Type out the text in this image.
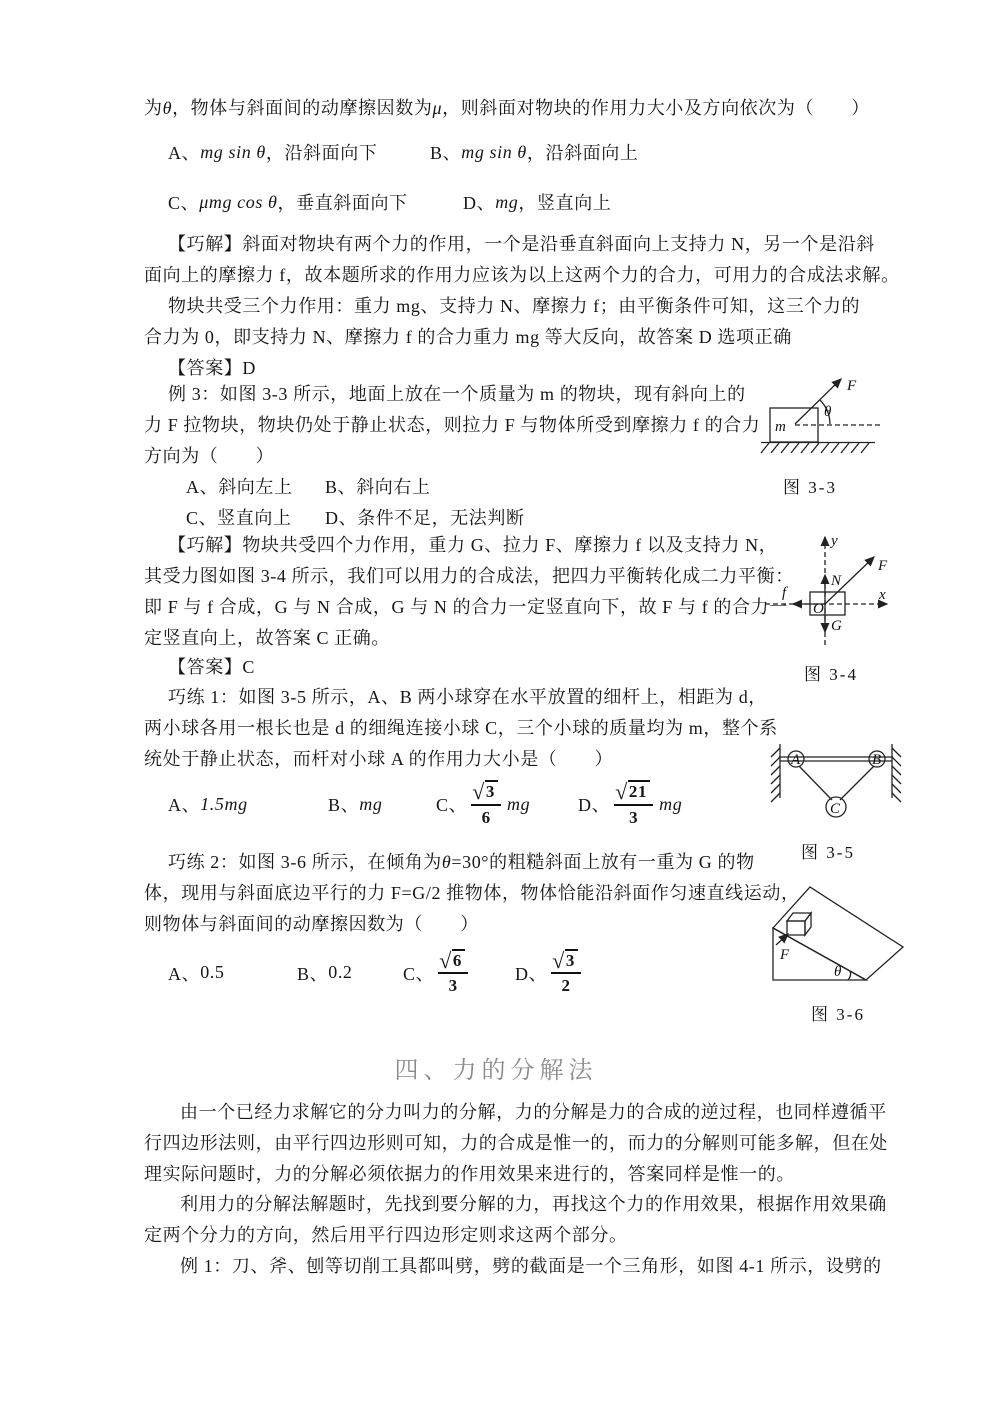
为θ，物体与斜面间的动摩擦因数为μ，则斜面对物块的作用力大小及方向依次为（　　）
A、 mg sin θ ，沿斜面向下	B、 mg sin θ ，沿斜面向上
C、 μmg cos θ ，垂直斜面向下	D、 mg ，竖直向上
【巧解】斜面对物块有两个力的作用，一个是沿垂直斜面向上支持力 N，另一个是沿斜
面向上的摩擦力 f，故本题所求的作用力应该为以上这两个力的合力，可用力的合成法求解。
物块共受三个力作用：重力 mg、支持力 N、摩擦力 f；由平衡条件可知，这三个力的
合力为 0，即支持力 N、摩擦力 f 的合力重力 mg 等大反向，故答案 D 选项正确
【答案】D
例 3：如图 3-3 所示，地面上放在一个质量为 m 的物块，现有斜向上的
力 F 拉物块，物块仍处于静止状态，则拉力 F 与物体所受到摩擦力 f 的合力
方向为（　　）
A、斜向左上 B、斜向右上
C、竖直向上 D、条件不足，无法判断
【巧解】物块共受四个力作用，重力 G、拉力 F、摩擦力 f 以及支持力 N，
其受力图如图 3-4 所示，我们可以用力的合成法，把四力平衡转化成二力平衡：
即 F 与 f 合成，G 与 N 合成，G 与 N 的合力一定竖直向下，故 F 与 f 的合力一
定竖直向上，故答案 C 正确。
【答案】C
巧练 1：如图 3-5 所示，A、B 两小球穿在水平放置的细杆上，相距为 d，
两小球各用一根长也是 d 的细绳连接小球 C，三个小球的质量均为 m，整个系
统处于静止状态，而杆对小球 A 的作用力大小是（　　）
A、 1.5mg	B、 mg	C、 $\frac{√ 3}{6}$ mg	D、 $\frac{√ 21}{3}$ mg
巧练 2：如图 3-6 所示，在倾角为θ=30°的粗糙斜面上放有一重为 G 的物
体，现用与斜面底边平行的力 F=G/2 推物体，物体恰能沿斜面作匀速直线运动，
则物体与斜面间的动摩擦因数为（　　）
A、 0.5	B、 0.2	C、 $\frac{√ 6}{3}$	D、 $\frac{√ 3}{2}$
四、力的分解法
由一个已经力求解它的分力叫力的分解，力的分解是力的合成的逆过程，也同样遵循平
行四边形法则，由平行四边形则可知，力的合成是惟一的，而力的分解则可能多解，但在处
理实际问题时，力的分解必须依据力的作用效果来进行的，答案同样是惟一的。
利用力的分解法解题时，先找到要分解的力，再找这个力的作用效果，根据作用效果确
定两个分力的方向，然后用平行四边形定则求这两个部分。
例 1：刀、斧、刨等切削工具都叫劈，劈的截面是一个三角形，如图 4-1 所示，设劈的
m
F
θ
图 3-3
y
x
N
F
f
G
O
图 3-4
A	B
C
图 3-5
F
θ
图 3-6
